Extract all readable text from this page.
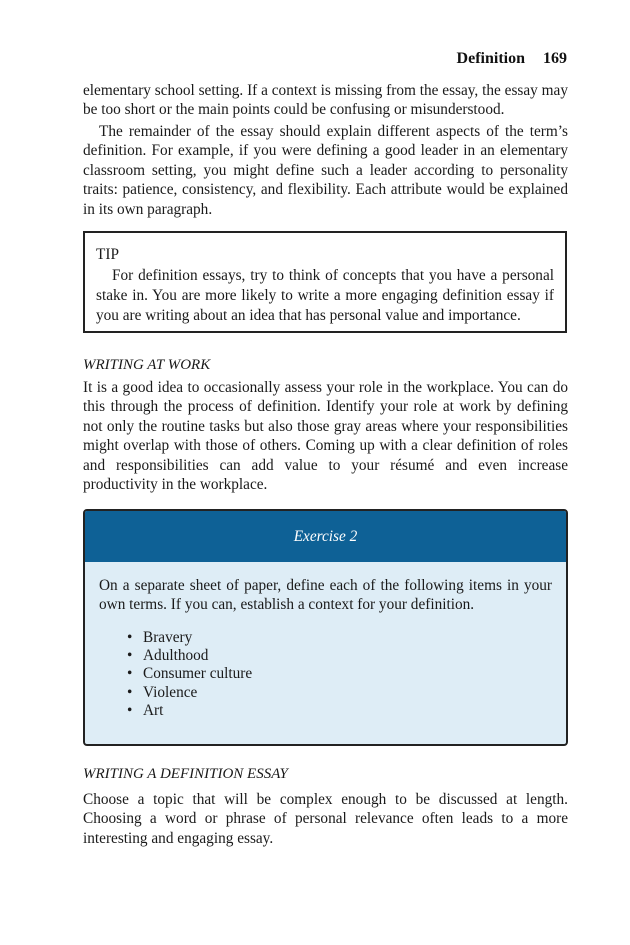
Definition 169

elementary school setting. If a context is missing from the essay, the essay may be too short or the main points could be confusing or misunderstood.

The remainder of the essay should explain different aspects of the term’s definition. For example, if you were defining a good leader in an elementary classroom setting, you might define such a leader according to personality traits: patience, consistency, and flexibility. Each attribute would be explained in its own paragraph.

TIP

For definition essays, try to think of concepts that you have a personal stake in. You are more likely to write a more engaging definition essay if you are writing about an idea that has personal value and importance.

WRITING AT WORK

It is a good idea to occasionally assess your role in the workplace. You can do this through the process of definition. Identify your role at work by defining not only the routine tasks but also those gray areas where your responsibilities might overlap with those of others. Coming up with a clear definition of roles and responsibilities can add value to your résumé and even increase productivity in the workplace.

Exercise 2

On a separate sheet of paper, define each of the following items in your own terms. If you can, establish a context for your definition.

• Bravery
• Adulthood
• Consumer culture
• Violence
• Art

WRITING A DEFINITION ESSAY

Choose a topic that will be complex enough to be discussed at length. Choosing a word or phrase of personal relevance often leads to a more interesting and engaging essay.
